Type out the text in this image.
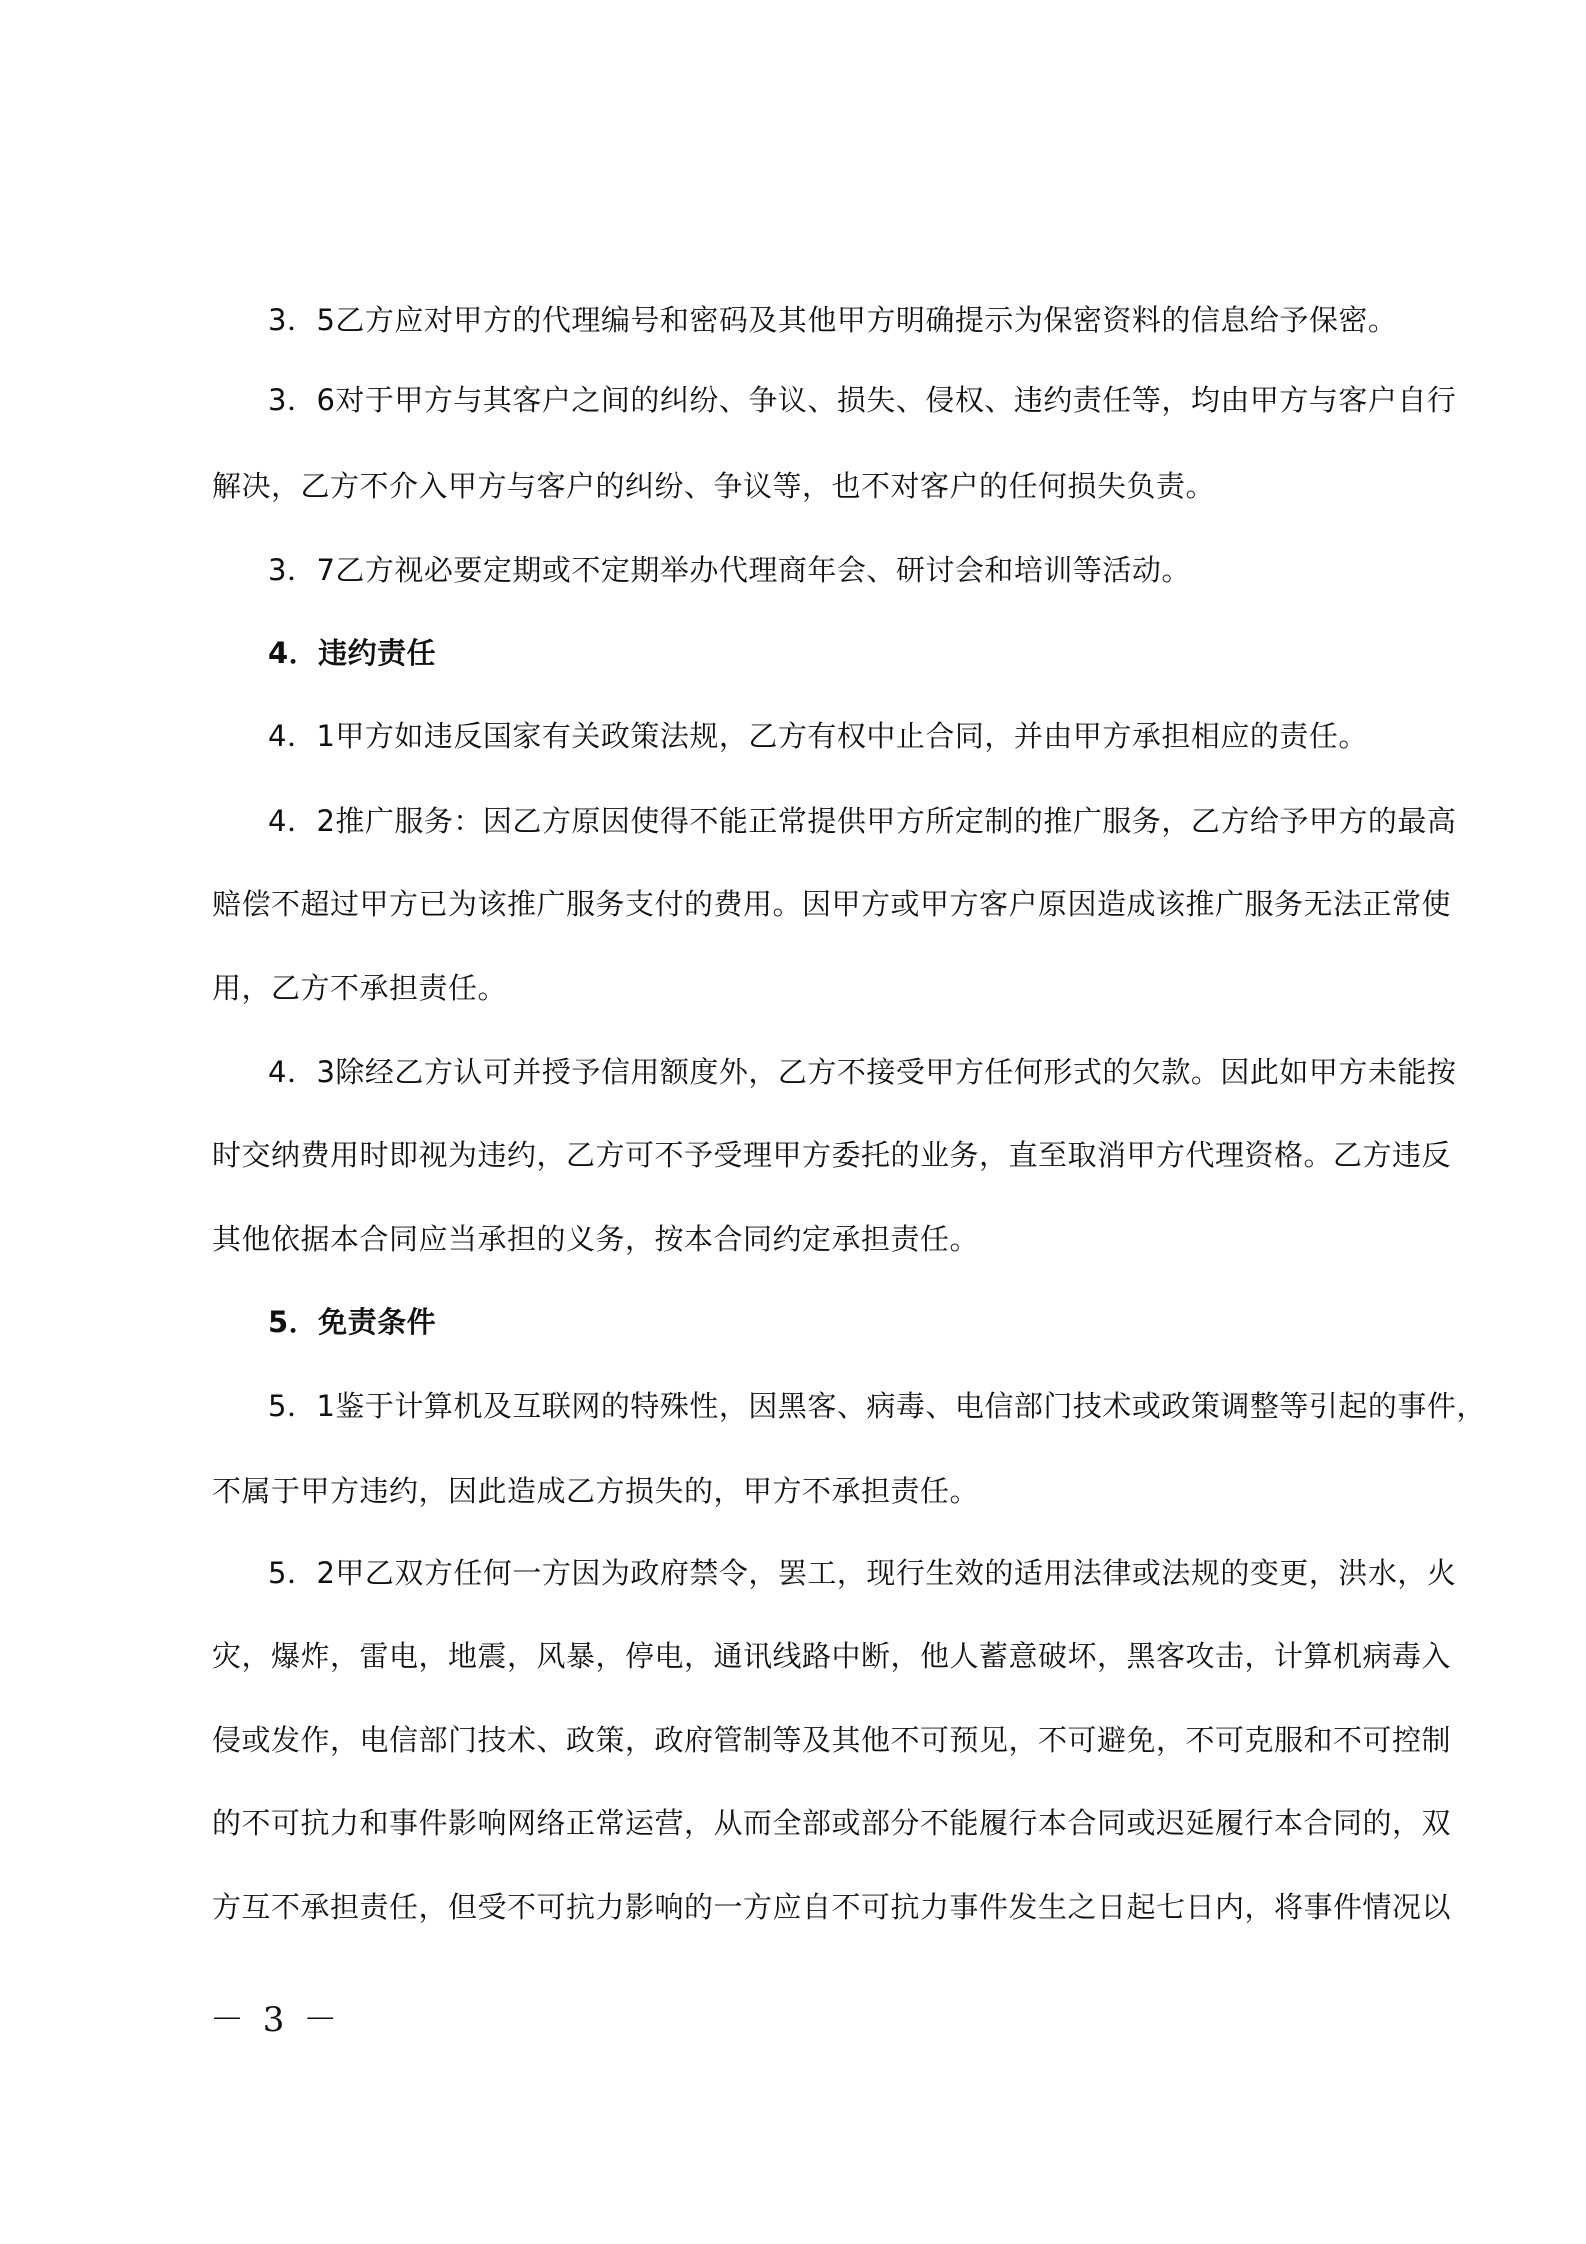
3．5乙方应对甲方的代理编号和密码及其他甲方明确提示为保密资料的信息给予保密。
3．6对于甲方与其客户之间的纠纷、争议、损失、侵权、违约责任等，均由甲方与客户自行
解决，乙方不介入甲方与客户的纠纷、争议等，也不对客户的任何损失负责。
3．7乙方视必要定期或不定期举办代理商年会、研讨会和培训等活动。
4．违约责任
4．1甲方如违反国家有关政策法规，乙方有权中止合同，并由甲方承担相应的责任。
4．2推广服务：因乙方原因使得不能正常提供甲方所定制的推广服务，乙方给予甲方的最高
赔偿不超过甲方已为该推广服务支付的费用。因甲方或甲方客户原因造成该推广服务无法正常使
用，乙方不承担责任。
4．3除经乙方认可并授予信用额度外，乙方不接受甲方任何形式的欠款。因此如甲方未能按
时交纳费用时即视为违约，乙方可不予受理甲方委托的业务，直至取消甲方代理资格。乙方违反
其他依据本合同应当承担的义务，按本合同约定承担责任。
5．免责条件
5．1鉴于计算机及互联网的特殊性，因黑客、病毒、电信部门技术或政策调整等引起的事件，
不属于甲方违约，因此造成乙方损失的，甲方不承担责任。
5．2甲乙双方任何一方因为政府禁令，罢工，现行生效的适用法律或法规的变更，洪水，火
灾，爆炸，雷电，地震，风暴，停电，通讯线路中断，他人蓄意破坏，黑客攻击，计算机病毒入
侵或发作，电信部门技术、政策，政府管制等及其他不可预见，不可避免，不可克服和不可控制
的不可抗力和事件影响网络正常运营，从而全部或部分不能履行本合同或迟延履行本合同的，双
方互不承担责任，但受不可抗力影响的一方应自不可抗力事件发生之日起七日内，将事件情况以
－ 3 －
